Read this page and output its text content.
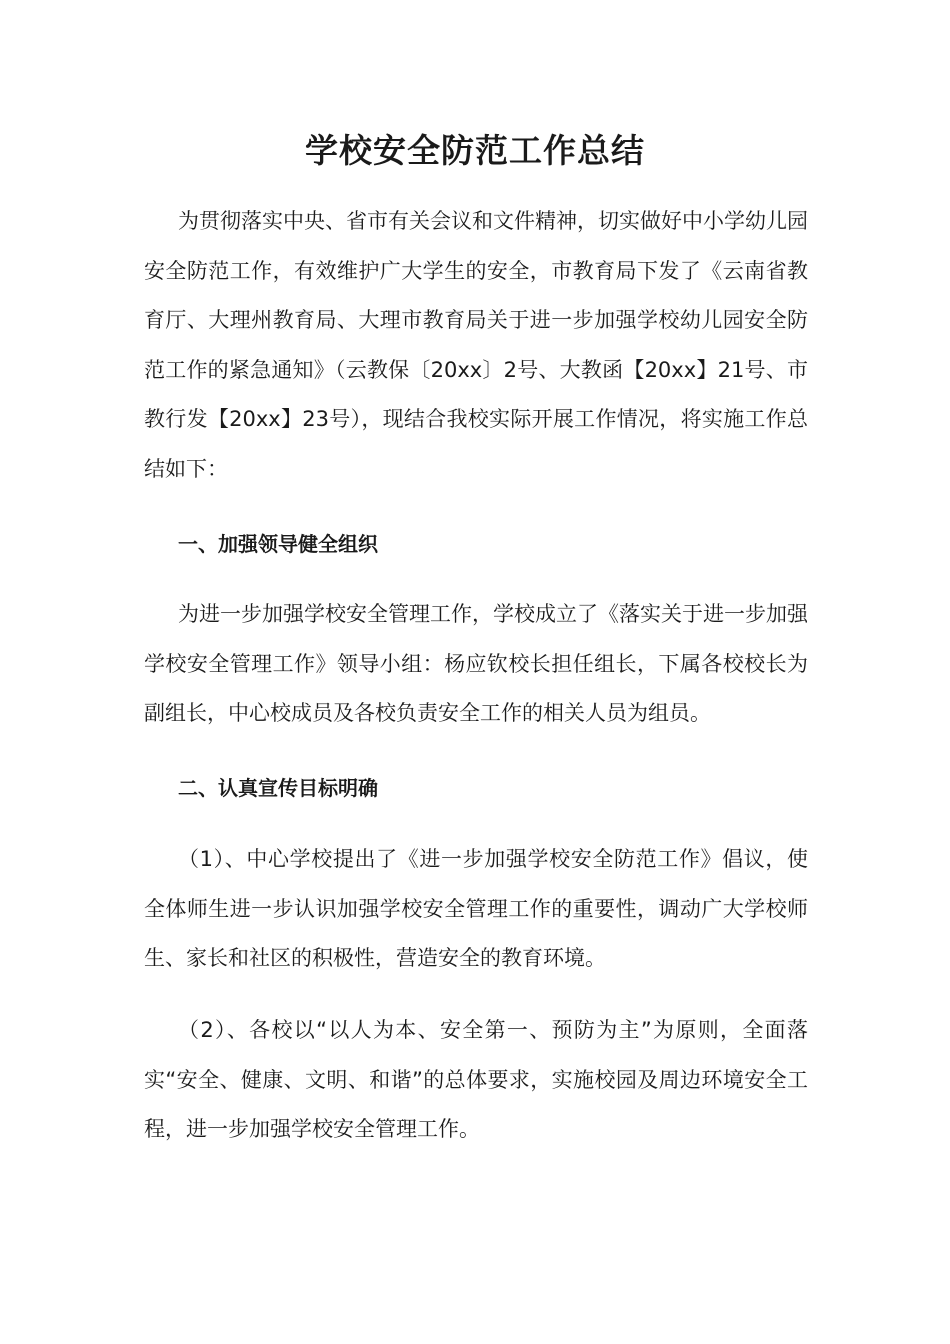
学校安全防范工作总结

为贯彻落实中央、省市有关会议和文件精神，切实做好中小学幼儿园安全防范工作，有效维护广大学生的安全，市教育局下发了《云南省教育厅、大理州教育局、大理市教育局关于进一步加强学校幼儿园安全防范工作的紧急通知》（云教保〔20xx〕2号、大教函【20xx】21号、市教行发【20xx】23号），现结合我校实际开展工作情况，将实施工作总结如下：

一、加强领导健全组织

为进一步加强学校安全管理工作，学校成立了《落实关于进一步加强学校安全管理工作》领导小组：杨应钦校长担任组长，下属各校校长为副组长，中心校成员及各校负责安全工作的相关人员为组员。

二、认真宣传目标明确

（1）、中心学校提出了《进一步加强学校安全防范工作》倡议，使全体师生进一步认识加强学校安全管理工作的重要性，调动广大学校师生、家长和社区的积极性，营造安全的教育环境。

（2）、各校以“以人为本、安全第一、预防为主”为原则，全面落实“安全、健康、文明、和谐”的总体要求，实施校园及周边环境安全工程，进一步加强学校安全管理工作。
